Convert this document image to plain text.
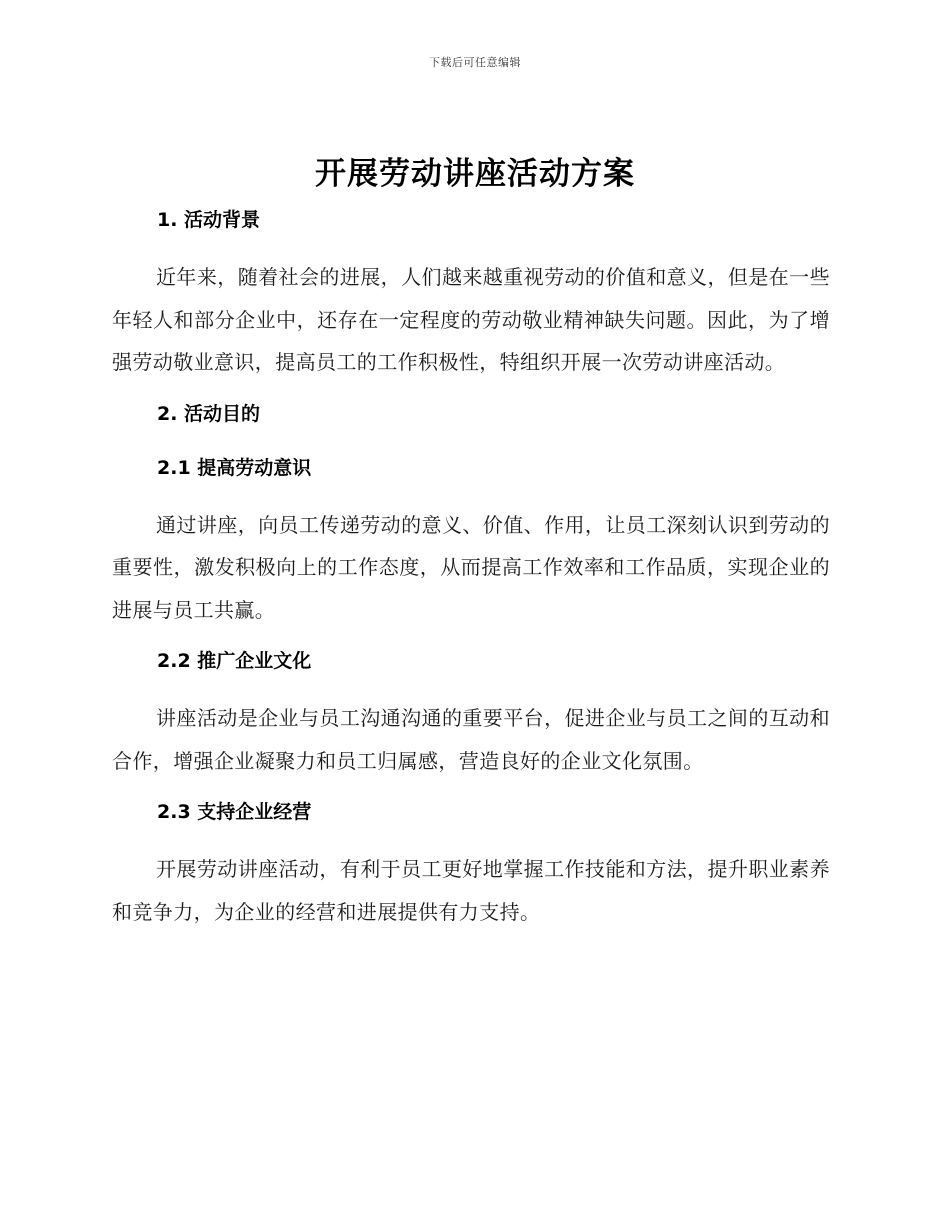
下载后可任意编辑
开展劳动讲座活动方案

1. 活动背景

近年来，随着社会的进展，人们越来越重视劳动的价值和意义，但是在一些年轻人和部分企业中，还存在一定程度的劳动敬业精神缺失问题。因此，为了增强劳动敬业意识，提高员工的工作积极性，特组织开展一次劳动讲座活动。

2. 活动目的

2.1 提高劳动意识

通过讲座，向员工传递劳动的意义、价值、作用，让员工深刻认识到劳动的重要性，激发积极向上的工作态度，从而提高工作效率和工作品质，实现企业的进展与员工共赢。

2.2 推广企业文化

讲座活动是企业与员工沟通沟通的重要平台，促进企业与员工之间的互动和合作，增强企业凝聚力和员工归属感，营造良好的企业文化氛围。

2.3 支持企业经营

开展劳动讲座活动，有利于员工更好地掌握工作技能和方法，提升职业素养和竞争力，为企业的经营和进展提供有力支持。
